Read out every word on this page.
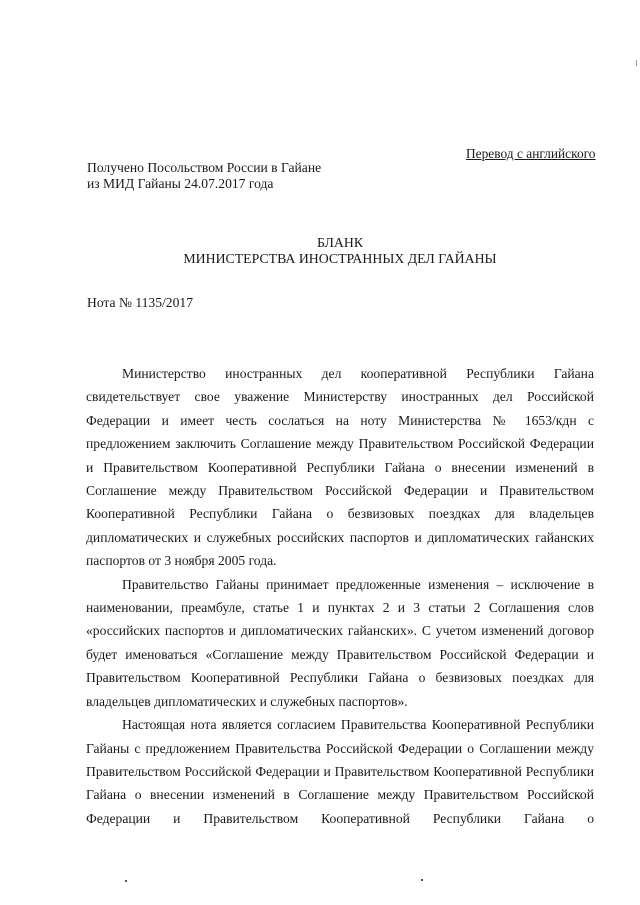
Перевод с английского
Получено Посольством России в Гайане
из МИД Гайаны 24.07.2017 года
БЛАНК
МИНИСТЕРСТВА ИНОСТРАННЫХ ДЕЛ ГАЙАНЫ
Нота № 1135/2017

Министерство иностранных дел кооперативной Республики Гайана свидетельствует свое уважение Министерству иностранных дел Российской Федерации и имеет честь сослаться на ноту Министерства № 1653/кдн с предложением заключить Соглашение между Правительством Российской Федерации и Правительством Кооперативной Республики Гайана о внесении изменений в Соглашение между Правительством Российской Федерации и Правительством Кооперативной Республики Гайана о безвизовых поездках для владельцев дипломатических и служебных российских паспортов и дипломатических гайанских паспортов от 3 ноября 2005 года.

Правительство Гайаны принимает предложенные изменения – исключение в наименовании, преамбуле, статье 1 и пунктах 2 и 3 статьи 2 Соглашения слов «российских паспортов и дипломатических гайанских». С учетом изменений договор будет именоваться «Соглашение между Правительством Российской Федерации и Правительством Кооперативной Республики Гайана о безвизовых поездках для владельцев дипломатических и служебных паспортов».

Настоящая нота является согласием Правительства Кооперативной Республики Гайаны с предложением Правительства Российской Федерации о Соглашении между Правительством Российской Федерации и Правительством Кооперативной Республики Гайана о внесении изменений в Соглашение между Правительством Российской Федерации и Правительством Кооперативной Республики Гайана о
